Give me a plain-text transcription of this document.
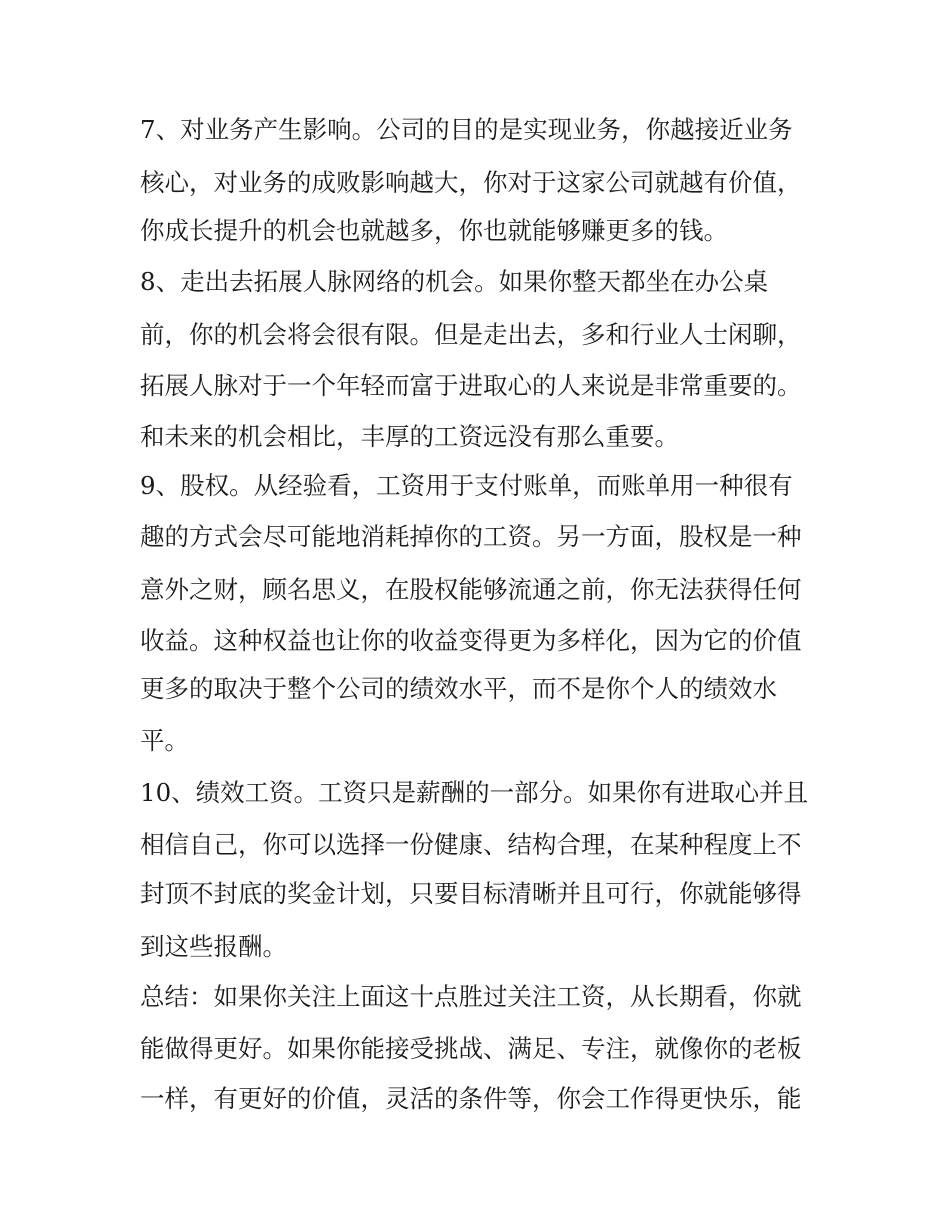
7、对业务产生影响。公司的目的是实现业务，你越接近业务
核心，对业务的成败影响越大，你对于这家公司就越有价值，
你成长提升的机会也就越多，你也就能够赚更多的钱。
8、走出去拓展人脉网络的机会。如果你整天都坐在办公桌
前，你的机会将会很有限。但是走出去，多和行业人士闲聊，
拓展人脉对于一个年轻而富于进取心的人来说是非常重要的。
和未来的机会相比，丰厚的工资远没有那么重要。
9、股权。从经验看，工资用于支付账单，而账单用一种很有
趣的方式会尽可能地消耗掉你的工资。另一方面，股权是一种
意外之财，顾名思义，在股权能够流通之前，你无法获得任何
收益。这种权益也让你的收益变得更为多样化，因为它的价值
更多的取决于整个公司的绩效水平，而不是你个人的绩效水
平。
10、绩效工资。工资只是薪酬的一部分。如果你有进取心并且
相信自己，你可以选择一份健康、结构合理，在某种程度上不
封顶不封底的奖金计划，只要目标清晰并且可行，你就能够得
到这些报酬。
总结：如果你关注上面这十点胜过关注工资，从长期看，你就
能做得更好。如果你能接受挑战、满足、专注，就像你的老板
一样，有更好的价值，灵活的条件等，你会工作得更快乐，能
